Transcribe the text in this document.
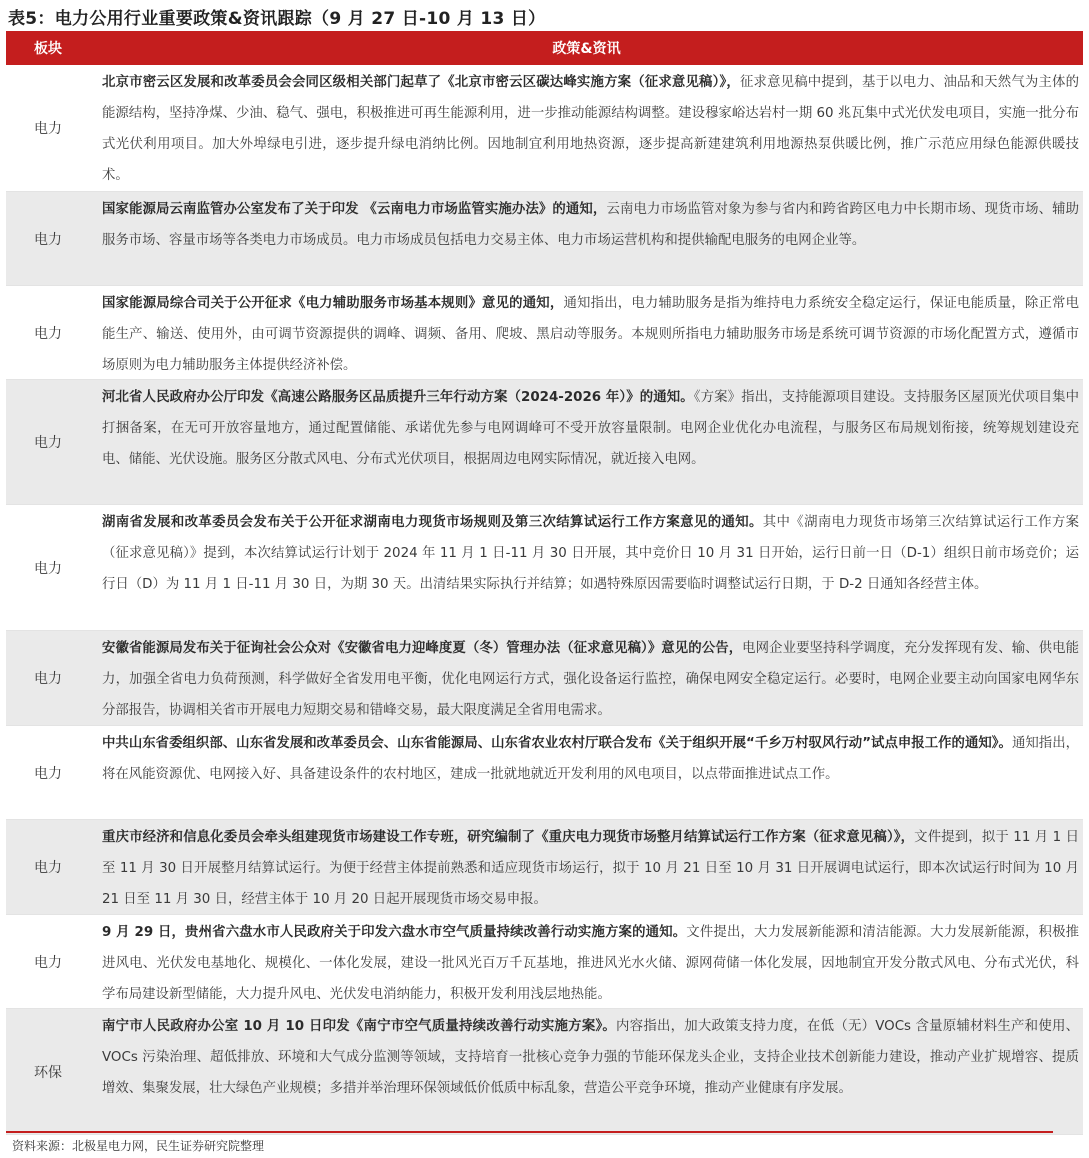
表5：电力公用行业重要政策&资讯跟踪（9 月 27 日-10 月 13 日）
板块	政策&资讯
电力
北京市密云区发展和改革委员会会同区级相关部门起草了《北京市密云区碳达峰实施方案（征求意见稿）》，征求意见稿中提到，基于以电力、油品和天然气为主体的能源结构，坚持净煤、少油、稳气、强电，积极推进可再生能源利用，进一步推动能源结构调整。建设穆家峪达岩村一期 60 兆瓦集中式光伏发电项目，实施一批分布式光伏利用项目。加大外埠绿电引进，逐步提升绿电消纳比例。因地制宜利用地热资源，逐步提高新建建筑利用地源热泵供暖比例，推广示范应用绿色能源供暖技术。
电力
国家能源局云南监管办公室发布了关于印发 《云南电力市场监管实施办法》的通知，云南电力市场监管对象为参与省内和跨省跨区电力中长期市场、现货市场、辅助服务市场、容量市场等各类电力市场成员。电力市场成员包括电力交易主体、电力市场运营机构和提供输配电服务的电网企业等。
电力
国家能源局综合司关于公开征求《电力辅助服务市场基本规则》意见的通知，通知指出，电力辅助服务是指为维持电力系统安全稳定运行，保证电能质量，除正常电能生产、输送、使用外，由可调节资源提供的调峰、调频、备用、爬坡、黑启动等服务。本规则所指电力辅助服务市场是系统可调节资源的市场化配置方式，遵循市场原则为电力辅助服务主体提供经济补偿。
电力
河北省人民政府办公厅印发《高速公路服务区品质提升三年行动方案（2024-2026 年）》的通知。《方案》指出，支持能源项目建设。支持服务区屋顶光伏项目集中打捆备案，在无可开放容量地方，通过配置储能、承诺优先参与电网调峰可不受开放容量限制。电网企业优化办电流程，与服务区布局规划衔接，统筹规划建设充电、储能、光伏设施。服务区分散式风电、分布式光伏项目，根据周边电网实际情况，就近接入电网。
电力
湖南省发展和改革委员会发布关于公开征求湖南电力现货市场规则及第三次结算试运行工作方案意见的通知。其中《湖南电力现货市场第三次结算试运行工作方案（征求意见稿）》提到，本次结算试运行计划于 2024 年 11 月 1 日-11 月 30 日开展，其中竞价日 10 月 31 日开始，运行日前一日（D-1）组织日前市场竞价；运行日（D）为 11 月 1 日-11 月 30 日，为期 30 天。出清结果实际执行并结算；如遇特殊原因需要临时调整试运行日期，于 D-2 日通知各经营主体。
电力
安徽省能源局发布关于征询社会公众对《安徽省电力迎峰度夏（冬）管理办法（征求意见稿）》意见的公告，电网企业要坚持科学调度，充分发挥现有发、输、供电能力，加强全省电力负荷预测，科学做好全省发用电平衡，优化电网运行方式，强化设备运行监控，确保电网安全稳定运行。必要时，电网企业要主动向国家电网华东分部报告，协调相关省市开展电力短期交易和错峰交易，最大限度满足全省用电需求。
电力
中共山东省委组织部、山东省发展和改革委员会、山东省能源局、山东省农业农村厅联合发布《关于组织开展“千乡万村驭风行动”试点申报工作的通知》。通知指出，将在风能资源优、电网接入好、具备建设条件的农村地区，建成一批就地就近开发利用的风电项目，以点带面推进试点工作。
电力
重庆市经济和信息化委员会牵头组建现货市场建设工作专班，研究编制了《重庆电力现货市场整月结算试运行工作方案（征求意见稿）》，文件提到，拟于 11 月 1 日至 11 月 30 日开展整月结算试运行。为便于经营主体提前熟悉和适应现货市场运行，拟于 10 月 21 日至 10 月 31 日开展调电试运行，即本次试运行时间为 10 月 21 日至 11 月 30 日，经营主体于 10 月 20 日起开展现货市场交易申报。
电力
9 月 29 日，贵州省六盘水市人民政府关于印发六盘水市空气质量持续改善行动实施方案的通知。文件提出，大力发展新能源和清洁能源。大力发展新能源，积极推进风电、光伏发电基地化、规模化、一体化发展，建设一批风光百万千瓦基地，推进风光水火储、源网荷储一体化发展，因地制宜开发分散式风电、分布式光伏，科学布局建设新型储能，大力提升风电、光伏发电消纳能力，积极开发利用浅层地热能。
环保
南宁市人民政府办公室 10 月 10 日印发《南宁市空气质量持续改善行动实施方案》。内容指出，加大政策支持力度，在低（无）VOCs 含量原辅材料生产和使用、VOCs 污染治理、超低排放、环境和大气成分监测等领域，支持培育一批核心竞争力强的节能环保龙头企业，支持企业技术创新能力建设，推动产业扩规增容、提质增效、集聚发展，壮大绿色产业规模；多措并举治理环保领域低价低质中标乱象，营造公平竞争环境，推动产业健康有序发展。
资料来源：北极星电力网，民生证券研究院整理
